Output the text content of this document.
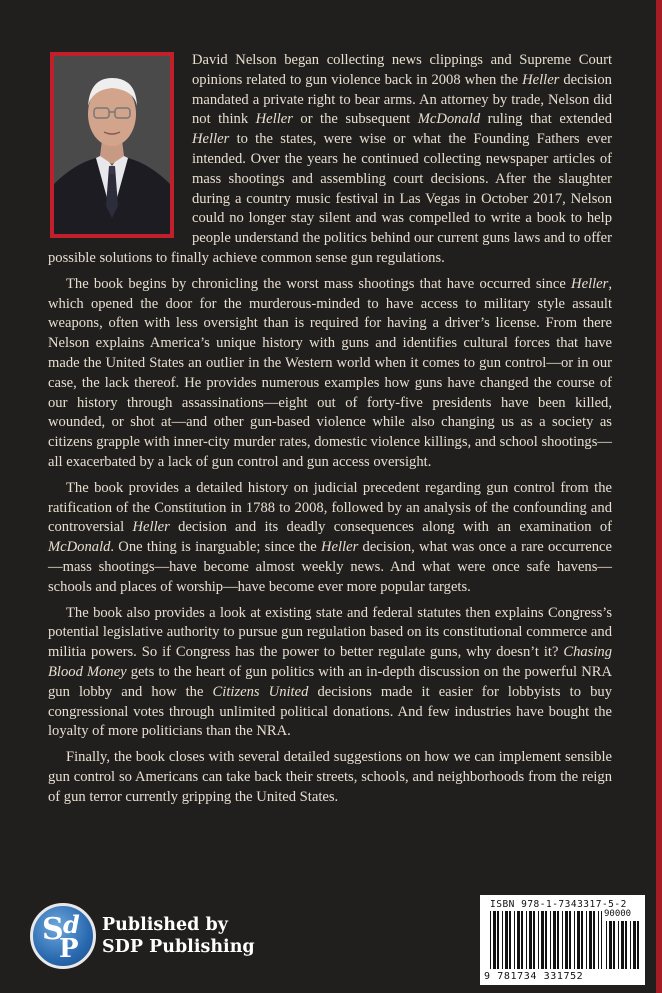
David Nelson began collecting news clippings and Supreme Court opinions related to gun violence back in 2008 when the Heller decision mandated a private right to bear arms. An attorney by trade, Nelson did not think Heller or the subsequent McDonald ruling that extended Heller to the states, were wise or what the Founding Fathers ever intended. Over the years he continued collecting newspaper articles of mass shootings and assembling court decisions. After the slaughter during a country music festival in Las Vegas in October 2017, Nelson could no longer stay silent and was compelled to write a book to help people understand the politics behind our current guns laws and to offer possible solutions to finally achieve common sense gun regulations.

The book begins by chronicling the worst mass shootings that have occurred since Heller, which opened the door for the murderous-minded to have access to military style assault weapons, often with less oversight than is required for having a driver’s license. From there Nelson explains America’s unique history with guns and identifies cultural forces that have made the United States an outlier in the Western world when it comes to gun control—or in our case, the lack thereof. He provides numerous examples how guns have changed the course of our history through assassinations—eight out of forty-five presidents have been killed, wounded, or shot at—and other gun-based violence while also changing us as a society as citizens grapple with inner-city murder rates, domestic violence killings, and school shootings—all exacerbated by a lack of gun control and gun access oversight.

The book provides a detailed history on judicial precedent regarding gun control from the ratification of the Constitution in 1788 to 2008, followed by an analysis of the confounding and controversial Heller decision and its deadly consequences along with an examination of McDonald. One thing is inarguable; since the Heller decision, what was once a rare occurrence—mass shootings—have become almost weekly news. And what were once safe havens—schools and places of worship—have become ever more popular targets.

The book also provides a look at existing state and federal statutes then explains Congress’s potential legislative authority to pursue gun regulation based on its constitutional commerce and militia powers. So if Congress has the power to better regulate guns, why doesn’t it? Chasing Blood Money gets to the heart of gun politics with an in-depth discussion on the powerful NRA gun lobby and how the Citizens United decisions made it easier for lobbyists to buy congressional votes through unlimited political donations. And few industries have bought the loyalty of more politicians than the NRA.

Finally, the book closes with several detailed suggestions on how we can implement sensible gun control so Americans can take back their streets, schools, and neighborhoods from the reign of gun terror currently gripping the United States.

S d
P
Published by
SDP Publishing
ISBN 978-1-7343317-5-2
90000
9 781734 331752
